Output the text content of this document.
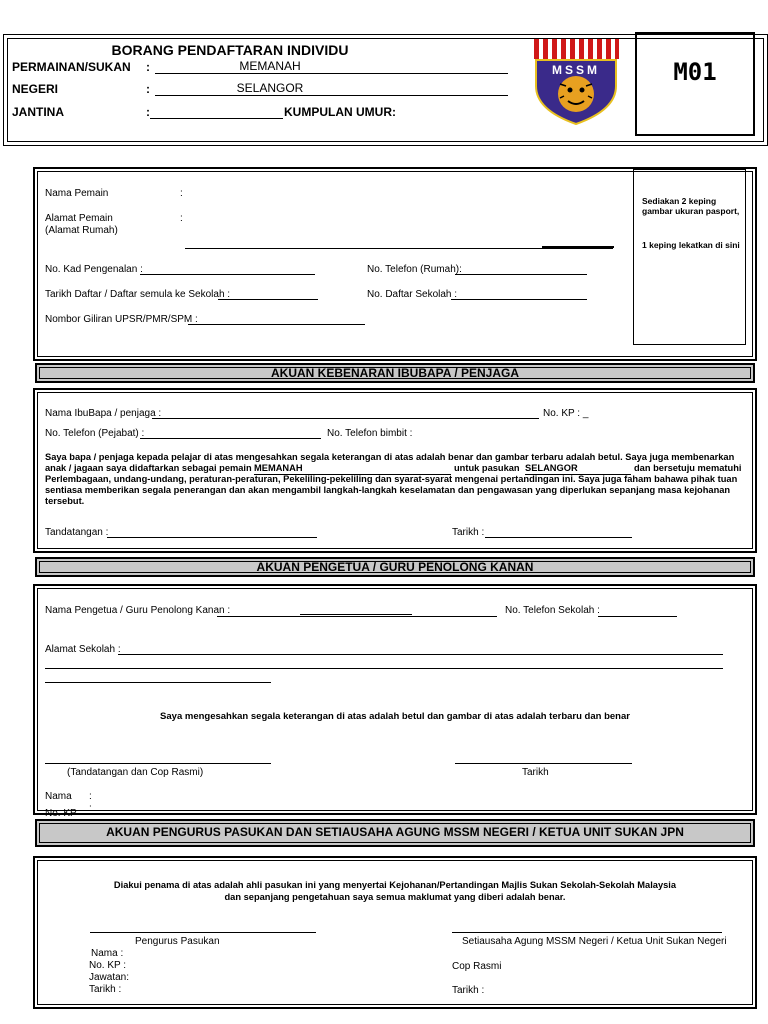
BORANG PENDAFTARAN INDIVIDU
PERMAINAN/SUKAN :	MEMANAH
NEGERI	:	SELANGOR
JANTINA	:	KUMPULAN UMUR:
MSSM	M01
Nama Pemain	:
Alamat Pemain
(Alamat Rumah)
:
No. Kad Pengenalan :	No. Telefon (Rumah):
Tarikh Daftar / Daftar semula ke Sekolah :	No. Daftar Sekolah :
Nombor Giliran UPSR/PMR/SPM :
Sediakan 2 keping gambar ukuran pasport,
1 keping lekatkan di sini
AKUAN KEBENARAN IBUBAPA / PENJAGA
Nama IbuBapa / penjaga :	No. KP : _
No. Telefon (Pejabat) :	No. Telefon bimbit :
Saya bapa / penjaga kepada pelajar di atas mengesahkan segala keterangan di atas adalah benar dan gambar terbaru adalah betul. Saya juga membenarkan
anak / jagaan saya didaftarkan sebagai pemain MEMANAH	untuk pasukan SELANGOR	dan bersetuju mematuhi
Perlembagaan, undang-undang, peraturan-peraturan, Pekeliling-pekeliling dan syarat-syarat mengenai pertandingan ini. Saya juga faham bahawa pihak tuan
sentiasa memberikan segala penerangan dan akan mengambil langkah-langkah keselamatan dan pengawasan yang diperlukan sepanjang masa kejohanan
tersebut.
Tandatangan :	Tarikh :
AKUAN PENGETUA / GURU PENOLONG KANAN
Nama Pengetua / Guru Penolong Kanan :	No. Telefon Sekolah :
Alamat Sekolah :
Saya mengesahkan segala keterangan di atas adalah betul dan gambar di atas adalah terbaru dan benar
(Tandatangan dan Cop Rasmi)	Tarikh
Nama :
No. KP :
AKUAN PENGURUS PASUKAN DAN SETIAUSAHA AGUNG MSSM NEGERI / KETUA UNIT SUKAN JPN
Diakui penama di atas adalah ahli pasukan ini yang menyertai Kejohanan/Pertandingan Majlis Sukan Sekolah-Sekolah Malaysia
dan sepanjang pengetahuan saya semua maklumat yang diberi adalah benar.
Pengurus Pasukan	Setiausaha Agung MSSM Negeri / Ketua Unit Sukan Negeri
Nama :
No. KP :
Jawatan:
Tarikh :
Cop Rasmi
Tarikh :
